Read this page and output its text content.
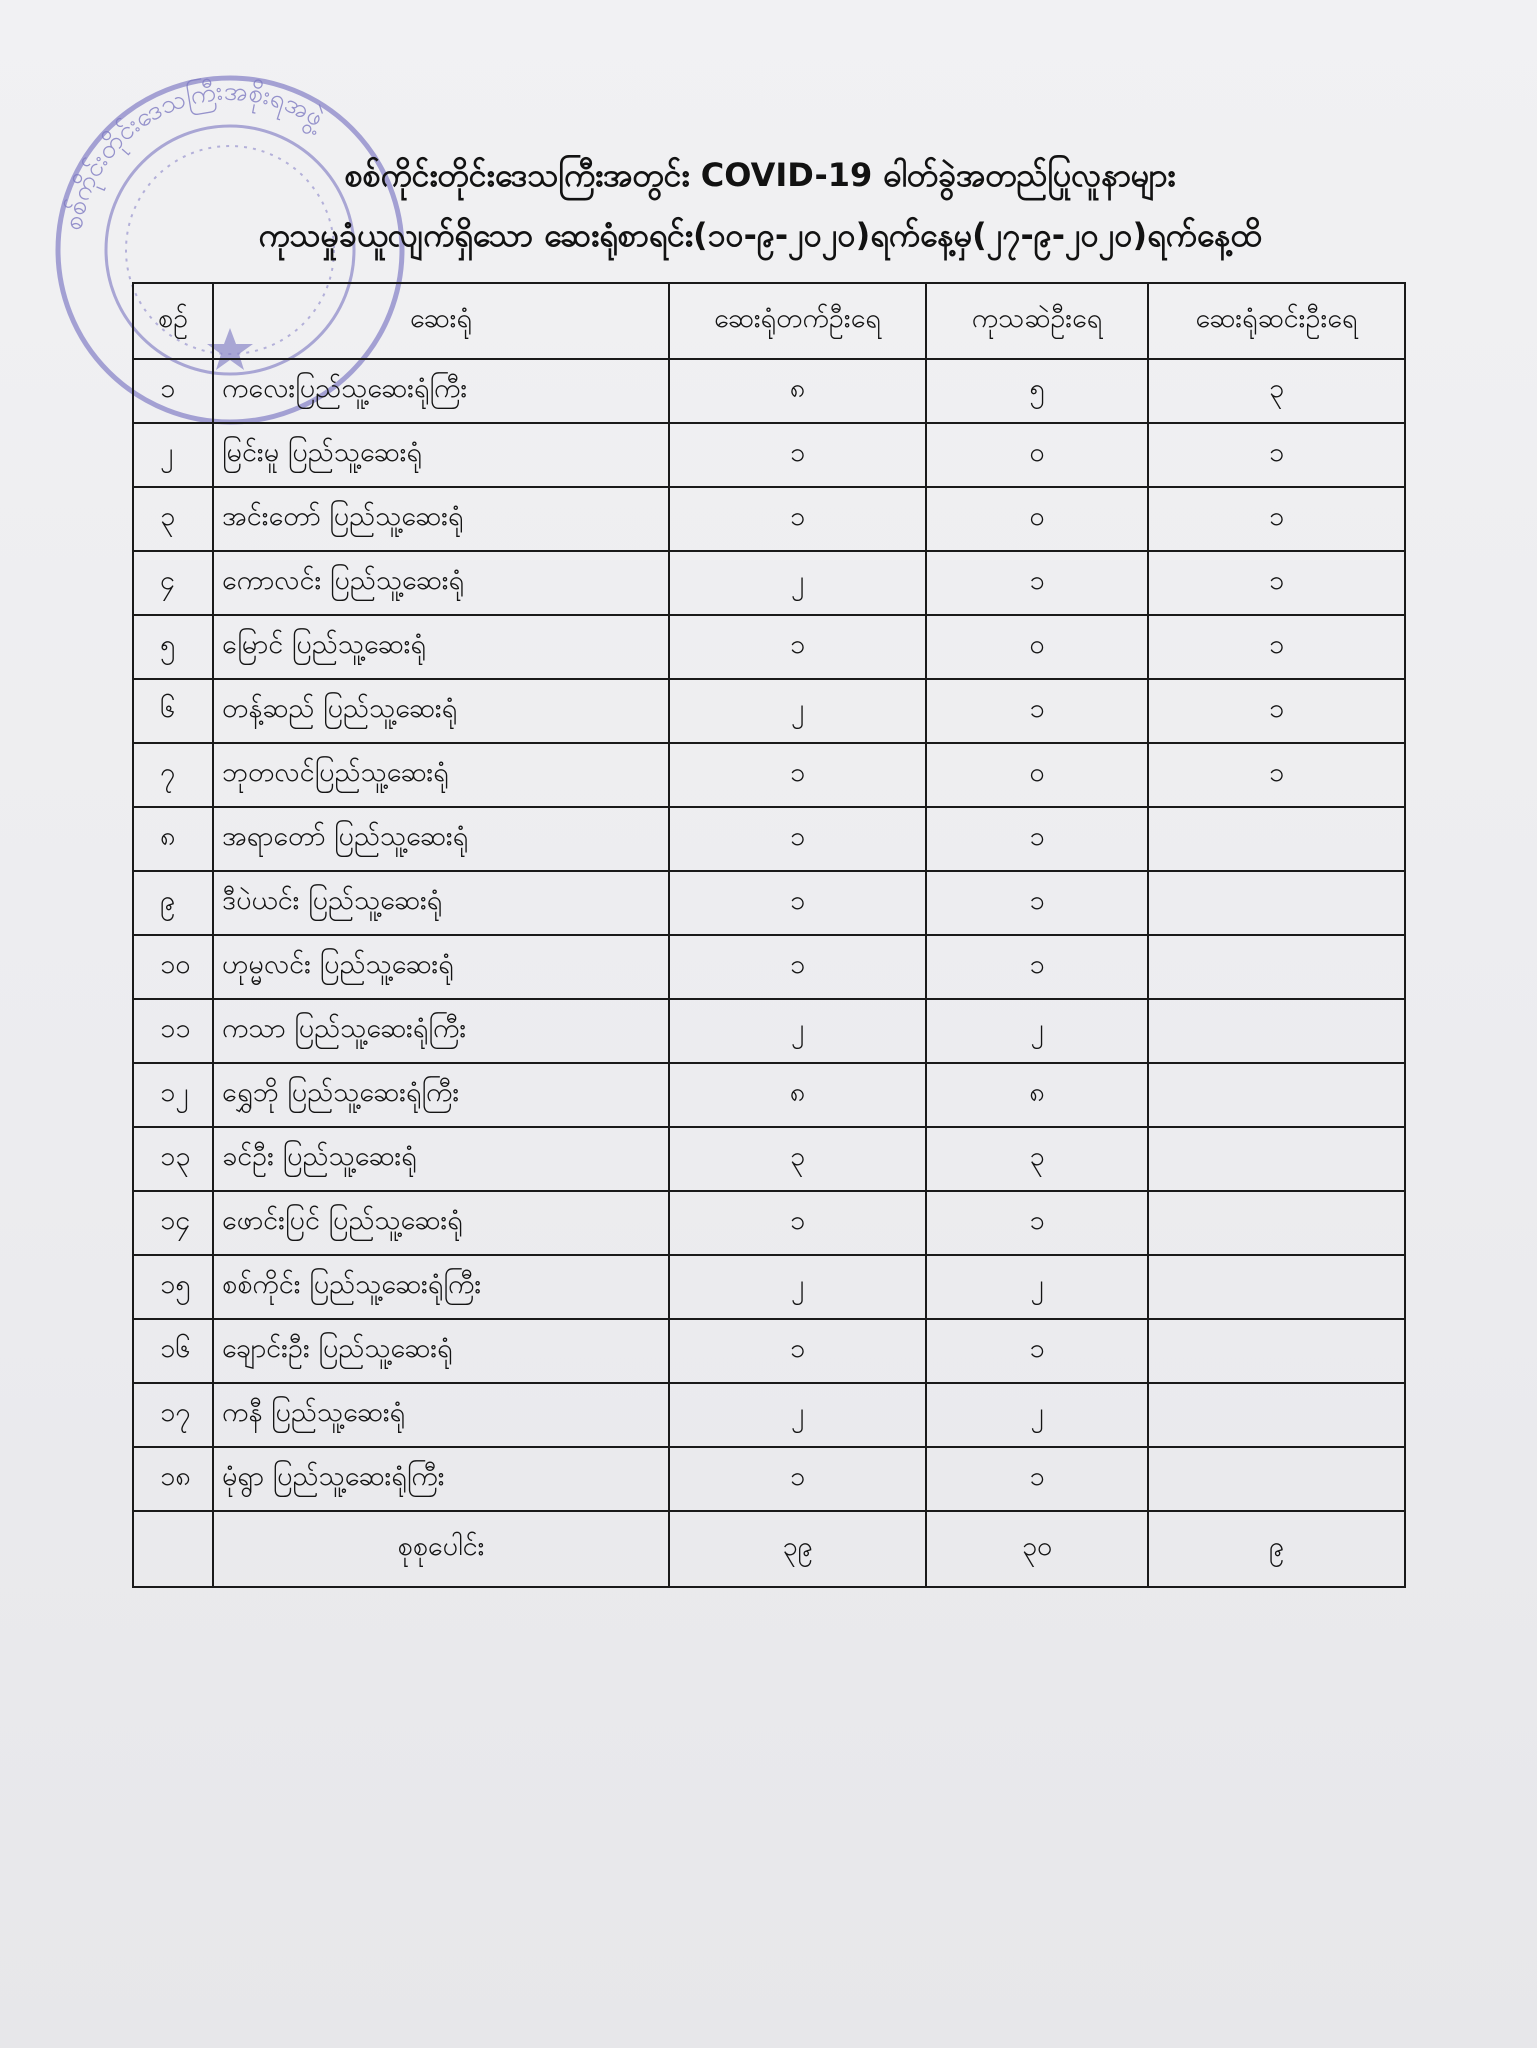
စစ်ကိုင်းတိုင်းဒေသကြီးအစိုးရအဖွဲ့
စစ်ကိုင်းတိုင်းဒေသကြီးအတွင်း COVID-19 ဓါတ်ခွဲအတည်ပြုလူနာများ
ကုသမှုခံယူလျက်ရှိသော ဆေးရုံစာရင်း(၁၀-၉-၂၀၂၀)ရက်နေ့မှ(၂၇-၉-၂၀၂၀)ရက်နေ့ထိ
စဉ်	ဆေးရုံ	ဆေးရုံတက်ဦးရေ	ကုသဆဲဦးရေ	ဆေးရုံဆင်းဦးရေ
၁	ကလေးပြည်သူ့ဆေးရုံကြီး	၈	၅	၃
၂	မြင်းမူ ပြည်သူ့ဆေးရုံ	၁	၀	၁
၃	အင်းတော် ပြည်သူ့ဆေးရုံ	၁	၀	၁
၄	ကောလင်း ပြည်သူ့ဆေးရုံ	၂	၁	၁
၅	မြောင် ပြည်သူ့ဆေးရုံ	၁	၀	၁
၆	တန့်ဆည် ပြည်သူ့ဆေးရုံ	၂	၁	၁
၇	ဘုတလင်ပြည်သူ့ဆေးရုံ	၁	၀	၁
၈	အရာတော် ပြည်သူ့ဆေးရုံ	၁	၁	
၉	ဒီပဲယင်း ပြည်သူ့ဆေးရုံ	၁	၁	
၁၀	ဟုမ္မလင်း ပြည်သူ့ဆေးရုံ	၁	၁	
၁၁	ကသာ ပြည်သူ့ဆေးရုံကြီး	၂	၂	
၁၂	ရွှေဘို ပြည်သူ့ဆေးရုံကြီး	၈	၈	
၁၃	ခင်ဦး ပြည်သူ့ဆေးရုံ	၃	၃	
၁၄	ဖောင်းပြင် ပြည်သူ့ဆေးရုံ	၁	၁	
၁၅	စစ်ကိုင်း ပြည်သူ့ဆေးရုံကြီး	၂	၂	
၁၆	ချောင်းဦး ပြည်သူ့ဆေးရုံ	၁	၁	
၁၇	ကနီ ပြည်သူ့ဆေးရုံ	၂	၂	
၁၈	မုံရွာ ပြည်သူ့ဆေးရုံကြီး	၁	၁	
	စုစုပေါင်း	၃၉	၃၀	၉
